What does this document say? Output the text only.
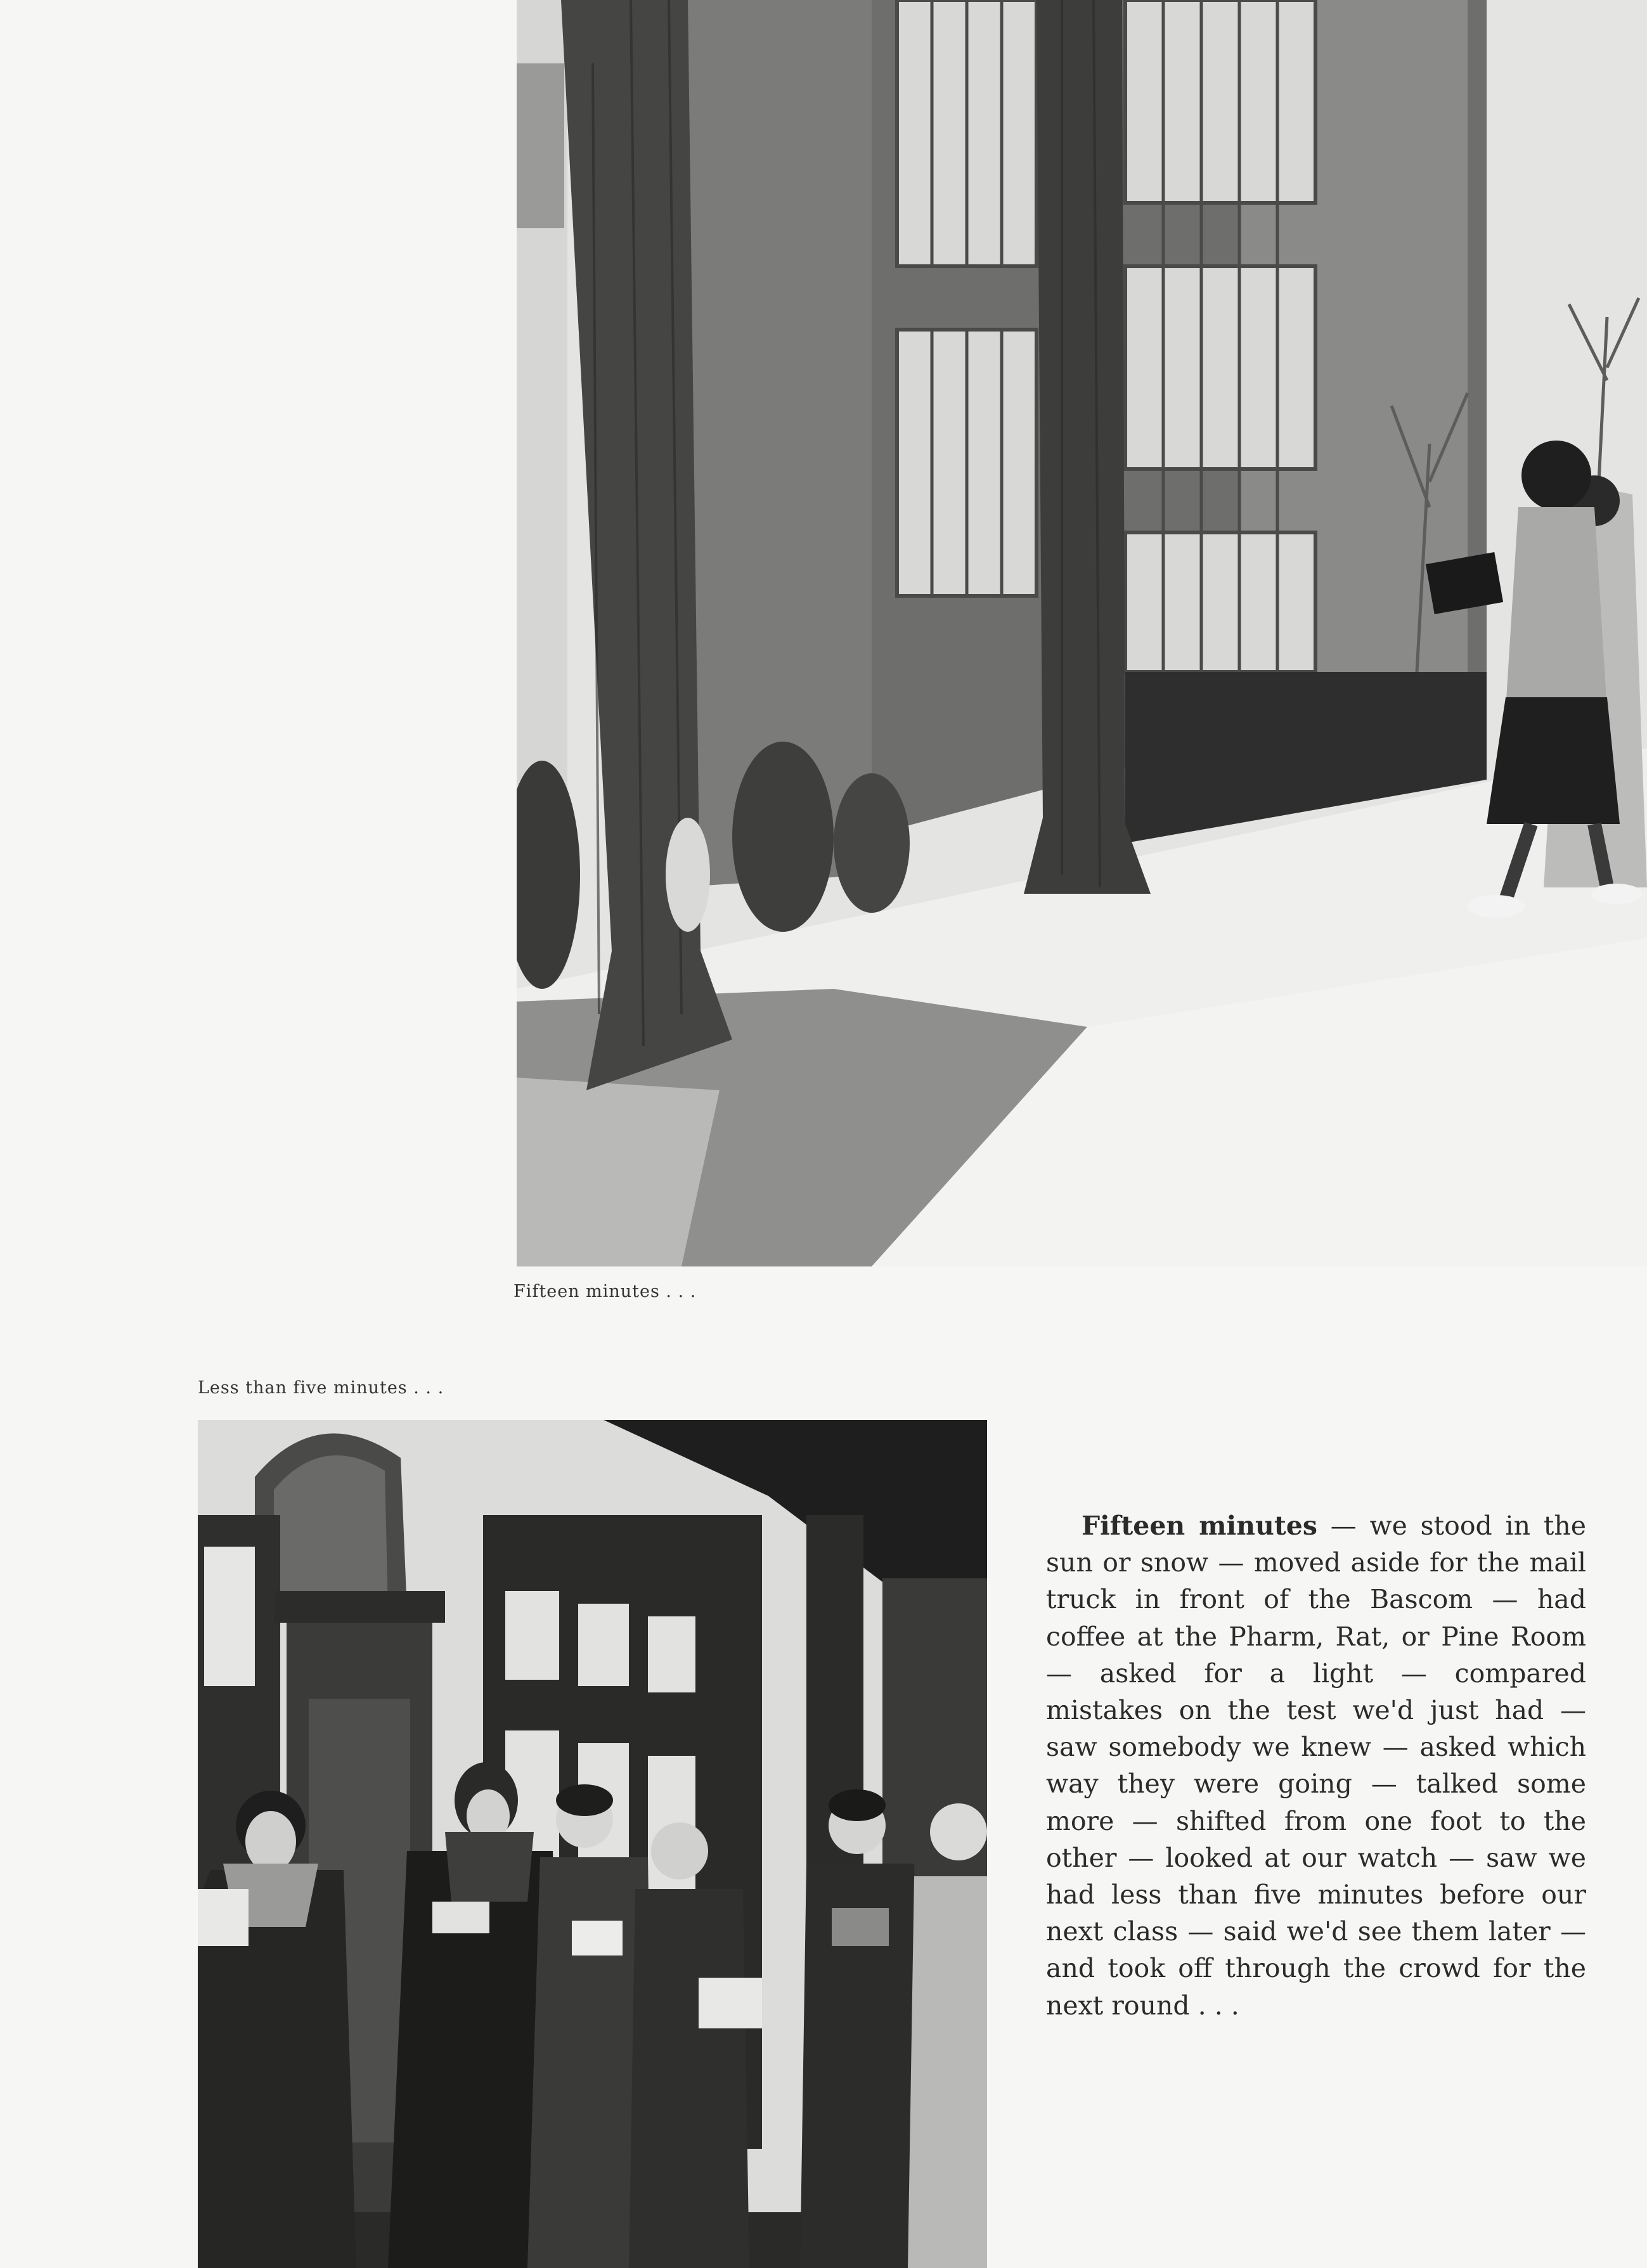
Fifteen minutes . . .
Less than five minutes . . .
Fifteen minutes — we stood in the sun or snow — moved aside for the mail truck in front of the Bascom — had coffee at the Pharm, Rat, or Pine Room — asked for a light — compared mistakes on the test we'd just had — saw somebody we knew — asked which way they were going — talked some more — shifted from one foot to the other — looked at our watch — saw we had less than five minutes before our next class — said we'd see them later — and took off through the crowd for the next round . . .
